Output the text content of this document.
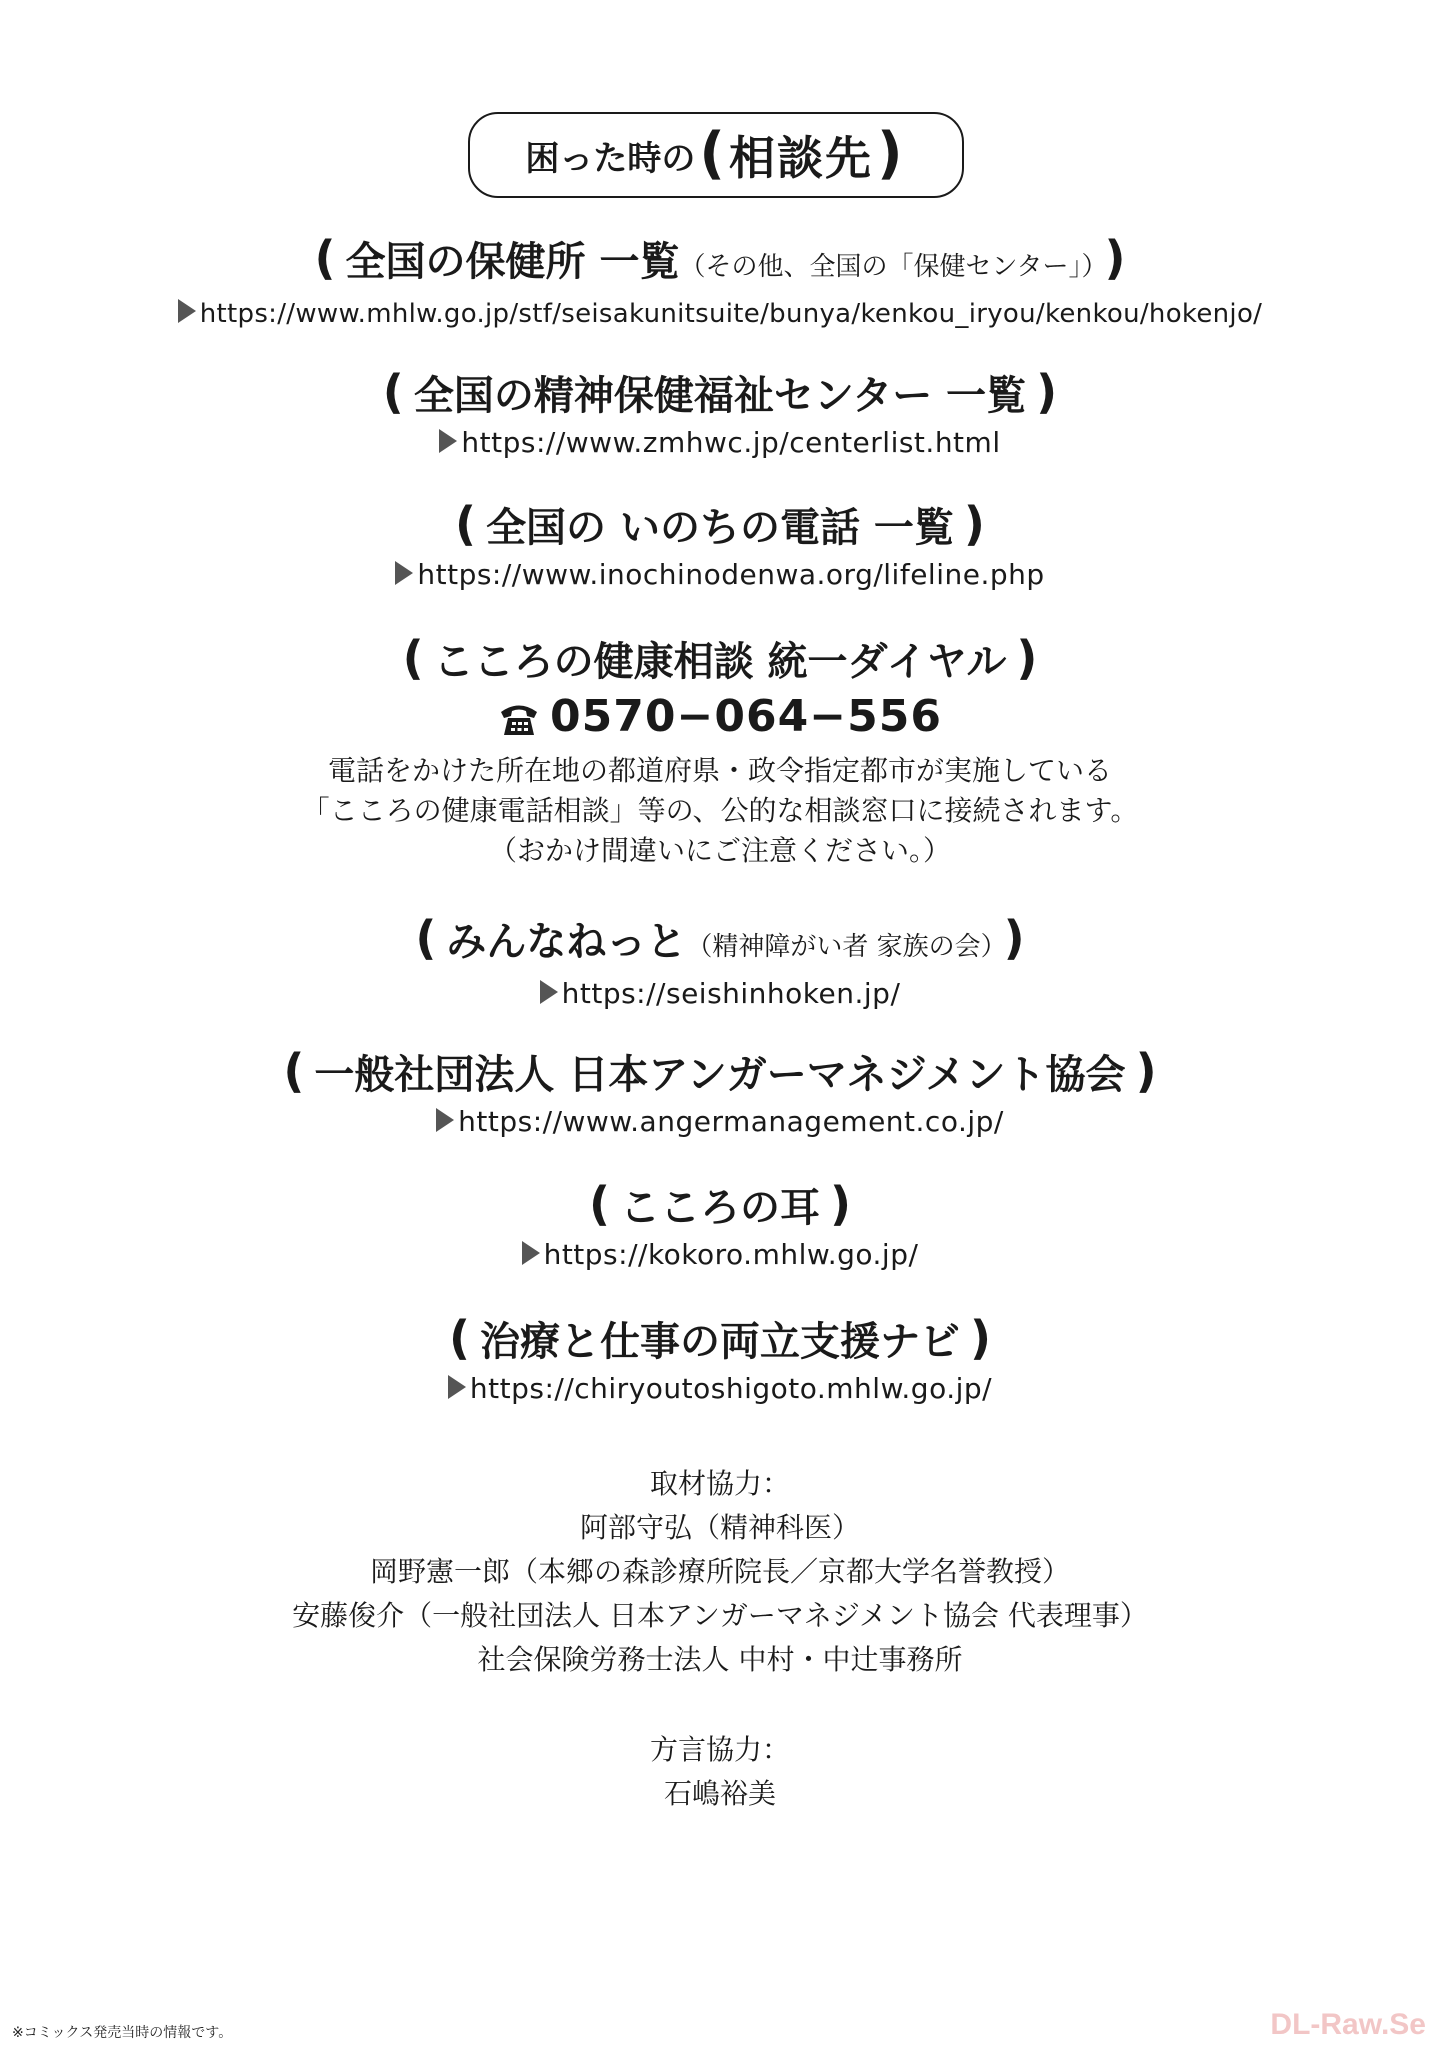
困った時の ( 相談先 )
( 全国の保健所 一覧（その他、全国の「保健センター」） )
https://www.mhlw.go.jp/stf/seisakunitsuite/bunya/kenkou_iryou/kenkou/hokenjo/
( 全国の精神保健福祉センター 一覧 )
https://www.zmhwc.jp/centerlist.html
( 全国の いのちの電話 一覧 )
https://www.inochinodenwa.org/lifeline.php
( こころの健康相談 統一ダイヤル )
0570−064−556
電話をかけた所在地の都道府県・政令指定都市が実施している
「こころの健康電話相談」等の、公的な相談窓口に接続されます。
（おかけ間違いにご注意ください。）
( みんなねっと（精神障がい者 家族の会） )
https://seishinhoken.jp/
( 一般社団法人 日本アンガーマネジメント協会 )
https://www.angermanagement.co.jp/
( こころの耳 )
https://kokoro.mhlw.go.jp/
( 治療と仕事の両立支援ナビ )
https://chiryoutoshigoto.mhlw.go.jp/
取材協力：
阿部守弘（精神科医）
岡野憲一郎（本郷の森診療所院長／京都大学名誉教授）
安藤俊介（一般社団法人 日本アンガーマネジメント協会 代表理事）
社会保険労務士法人 中村・中辻事務所
方言協力：
石嶋裕美
※コミックス発売当時の情報です。	DL-Raw.Se
